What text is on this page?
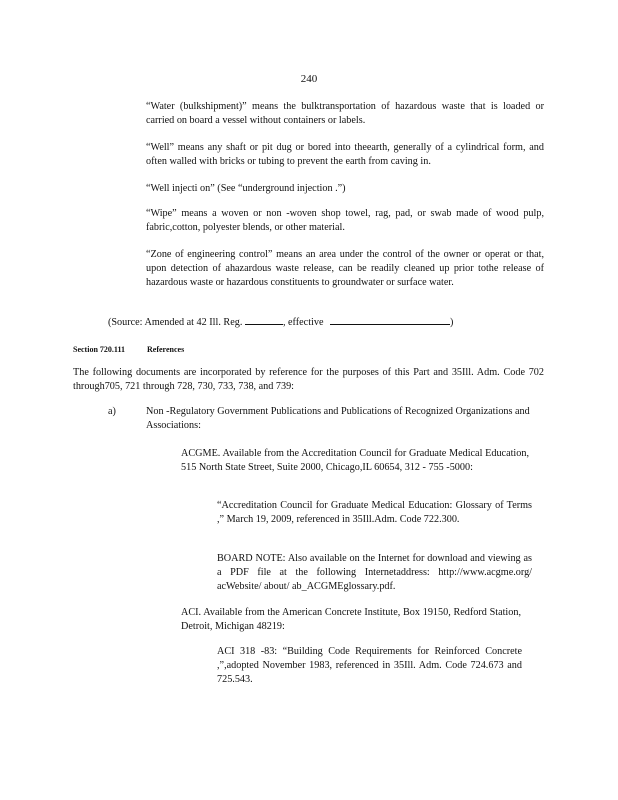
240
“Water (bulkshipment)” means the bulktransportation of hazardous waste that is loaded or carried on board a vessel without containers or labels.
“Well” means any shaft or pit dug or bored into theearth, generally of a cylindrical form, and often walled with bricks or tubing to prevent the earth from caving in.
“Well injecti on” (See “underground injection .”)
“Wipe” means a woven or non -woven shop towel, rag, pad, or swab made of wood pulp, fabric,cotton, polyester blends, or other material.
“Zone of engineering control” means an area under the control of the owner or operat or that, upon detection of ahazardous waste release, can be readily cleaned up prior tothe release of hazardous waste or hazardous constituents to groundwater or surface water.
(Source: Amended at 42 Ill. Reg.	, effective	)
Section 720.111	References
The following documents are incorporated by reference for the purposes of this Part and 35Ill. Adm. Code 702 through705, 721 through 728, 730, 733, 738, and 739:
a)	Non -Regulatory Government Publications and Publications of Recognized Organizations and Associations:
ACGME. Available from the Accreditation Council for Graduate Medical Education, 515 North State Street, Suite 2000, Chicago,IL 60654, 312 - 755 -5000:
“Accreditation Council for Graduate Medical Education: Glossary of Terms ,” March 19, 2009, referenced in 35Ill.Adm. Code 722.300.
BOARD NOTE: Also available on the Internet for download and viewing as a PDF file at the following Internetaddress: http://www.acgme.org/ acWebsite/ about/ ab_ACGMEglossary.pdf.
ACI. Available from the American Concrete Institute, Box 19150, Redford Station, Detroit, Michigan 48219:
ACI 318 -83: “Building Code Requirements for Reinforced Concrete ,”,adopted November 1983, referenced in 35Ill. Adm. Code 724.673 and 725.543.
